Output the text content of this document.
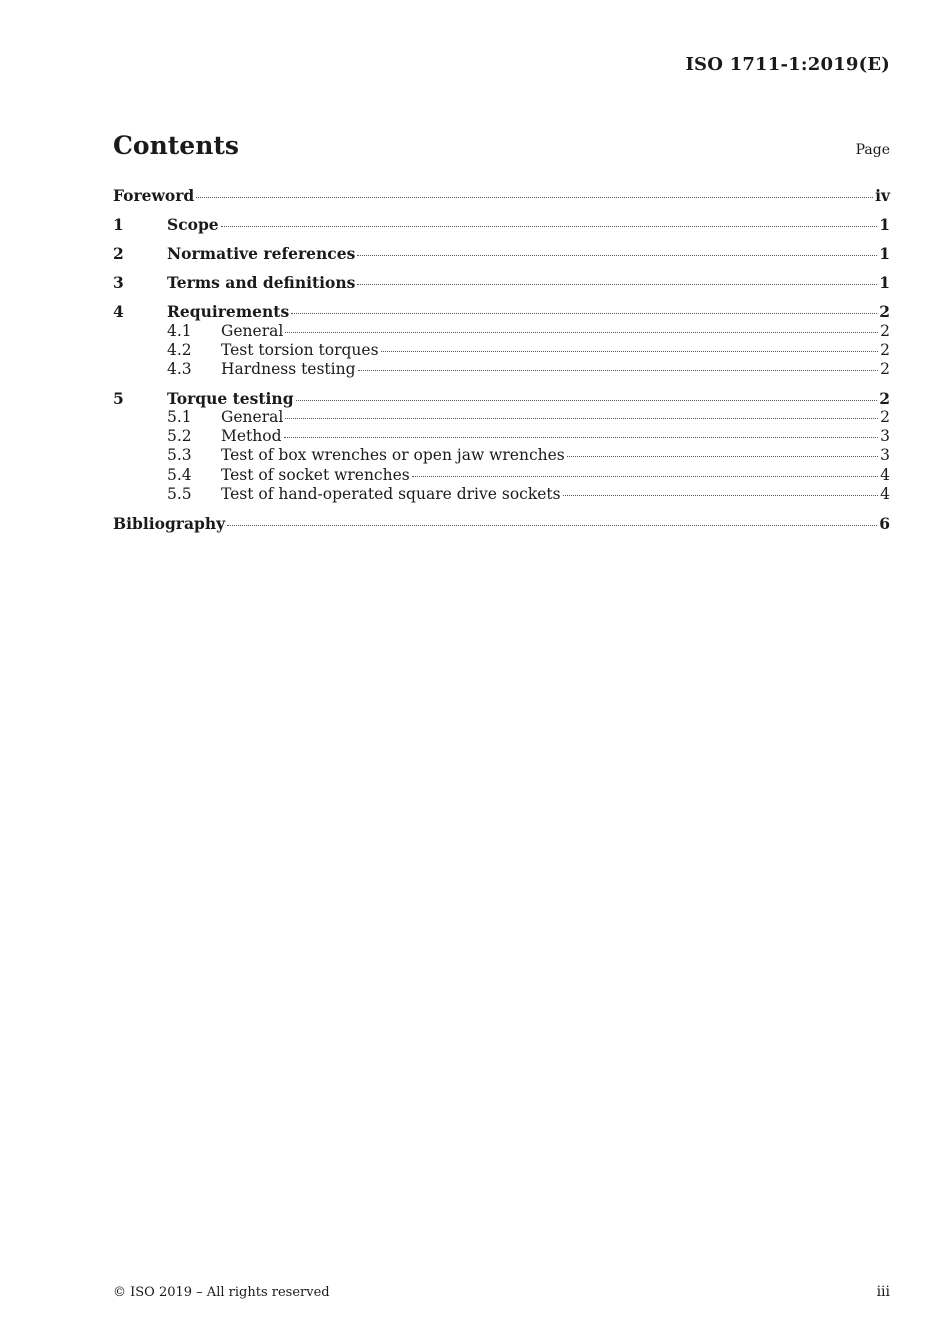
ISO 1711-1:2019(E)
Contents	Page
Foreword	iv
1	Scope	1
2	Normative references	1
3	Terms and definitions	1
4	Requirements	2
4.1	General	2
4.2	Test torsion torques	2
4.3	Hardness testing	2
5	Torque testing	2
5.1	General	2
5.2	Method	3
5.3	Test of box wrenches or open jaw wrenches	3
5.4	Test of socket wrenches	4
5.5	Test of hand-operated square drive sockets	4
Bibliography	6
© ISO 2019 – All rights reserved	iii
